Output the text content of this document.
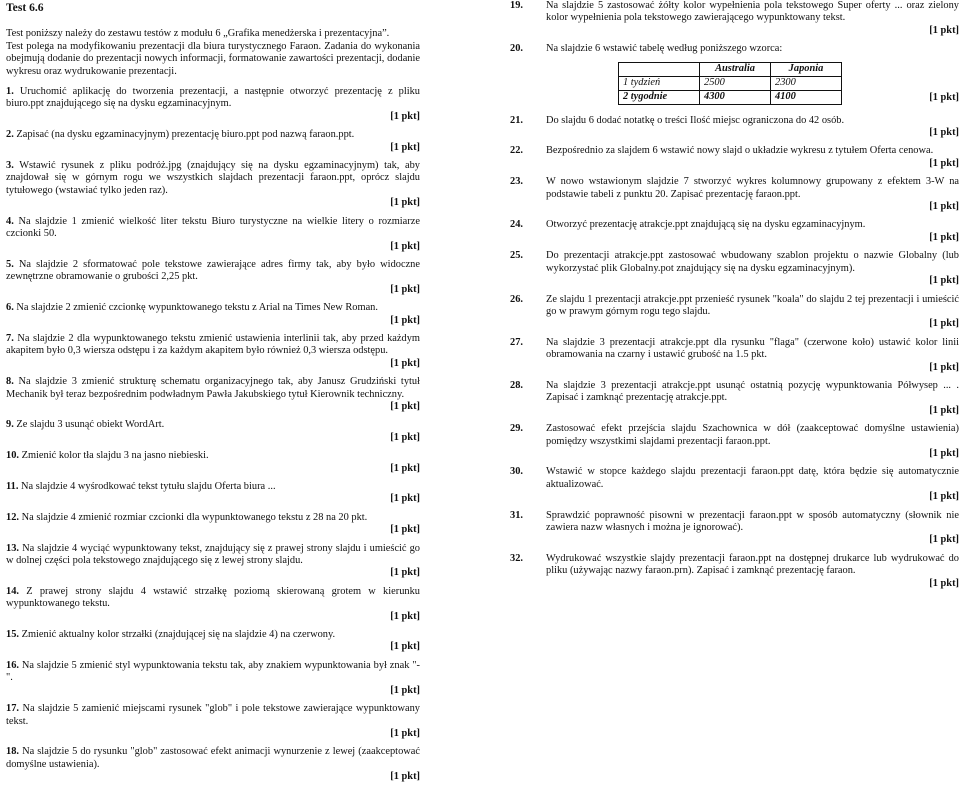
Test 6.6

Test poniższy należy do zestawu testów z modułu 6 „Grafika menedżerska i prezentacyjna”.

Test polega na modyfikowaniu prezentacji dla biura turystycznego Faraon. Zadania do wykonania obejmują dodanie do prezentacji nowych informacji, formatowanie zawartości prezentacji, dodanie wykresu oraz wydrukowanie prezentacji.

1. Uruchomić aplikację do tworzenia prezentacji, a następnie otworzyć prezentację z pliku biuro.ppt znajdującego się na dysku egzaminacyjnym.
[1 pkt]
2. Zapisać (na dysku egzaminacyjnym) prezentację biuro.ppt pod nazwą faraon.ppt.
[1 pkt]
3. Wstawić rysunek z pliku podróż.jpg (znajdujący się na dysku egzaminacyjnym) tak, aby znajdował się w górnym rogu we wszystkich slajdach prezentacji faraon.ppt, oprócz slajdu tytułowego (wstawiać tylko jeden raz).
[1 pkt]
4. Na slajdzie 1 zmienić wielkość liter tekstu Biuro turystyczne na wielkie litery o rozmiarze czcionki 50.
[1 pkt]
5. Na slajdzie 2 sformatować pole tekstowe zawierające adres firmy tak, aby było widoczne zewnętrzne obramowanie o grubości 2,25 pkt.
[1 pkt]
6. Na slajdzie 2 zmienić czcionkę wypunktowanego tekstu z Arial na Times New Roman.
[1 pkt]
7. Na slajdzie 2 dla wypunktowanego tekstu zmienić ustawienia interlinii tak, aby przed każdym akapitem było 0,3 wiersza odstępu i za każdym akapitem było również 0,3 wiersza odstępu.
[1 pkt]
8. Na slajdzie 3 zmienić strukturę schematu organizacyjnego tak, aby Janusz Grudziński tytuł Mechanik był teraz bezpośrednim podwładnym Pawła Jakubskiego tytuł Kierownik techniczny.
[1 pkt]
9. Ze slajdu 3 usunąć obiekt WordArt.
[1 pkt]
10. Zmienić kolor tła slajdu 3 na jasno niebieski.
[1 pkt]
11. Na slajdzie 4 wyśrodkować tekst tytułu slajdu Oferta biura ...
[1 pkt]
12. Na slajdzie 4 zmienić rozmiar czcionki dla wypunktowanego tekstu z 28 na 20 pkt.
[1 pkt]
13. Na slajdzie 4 wyciąć wypunktowany tekst, znajdujący się z prawej strony slajdu i umieścić go w dolnej części pola tekstowego znajdującego się z lewej strony slajdu.
[1 pkt]
14. Z prawej strony slajdu 4 wstawić strzałkę poziomą skierowaną grotem w kierunku wypunktowanego tekstu.
[1 pkt]
15. Zmienić aktualny kolor strzałki (znajdującej się na slajdzie 4) na czerwony.
[1 pkt]
16. Na slajdzie 5 zmienić styl wypunktowania tekstu tak, aby znakiem wypunktowania był znak "-".
[1 pkt]
17. Na slajdzie 5 zamienić miejscami rysunek "glob" i pole tekstowe zawierające wypunktowany tekst.
[1 pkt]
18. Na slajdzie 5 do rysunku "glob" zastosować efekt animacji wynurzenie z lewej (zaakceptować domyślne ustawienia).
[1 pkt]
19. Na slajdzie 5 zastosować żółty kolor wypełnienia pola tekstowego Super oferty ... oraz zielony kolor wypełnienia pola tekstowego zawierającego wypunktowany tekst.
[1 pkt]
20. Na slajdzie 6 wstawić tabelę według poniższego wzorca:
	Australia	Japonia
1 tydzień	2500	2300
2 tygodnie	4300	4100	[1 pkt]
21. Do slajdu 6 dodać notatkę o treści Ilość miejsc ograniczona do 42 osób.
[1 pkt]
22. Bezpośrednio za slajdem 6 wstawić nowy slajd o układzie wykresu z tytułem Oferta cenowa.
[1 pkt]
23. W nowo wstawionym slajdzie 7 stworzyć wykres kolumnowy grupowany z efektem 3-W na podstawie tabeli z punktu 20. Zapisać prezentację faraon.ppt.
[1 pkt]
24. Otworzyć prezentację atrakcje.ppt znajdującą się na dysku egzaminacyjnym.
[1 pkt]
25. Do prezentacji atrakcje.ppt zastosować wbudowany szablon projektu o nazwie Globalny (lub wykorzystać plik Globalny.pot znajdujący się na dysku egzaminacyjnym).
[1 pkt]
26. Ze slajdu 1 prezentacji atrakcje.ppt przenieść rysunek "koala" do slajdu 2 tej prezentacji i umieścić go w prawym górnym rogu tego slajdu.
[1 pkt]
27. Na slajdzie 3 prezentacji atrakcje.ppt dla rysunku "flaga" (czerwone koło) ustawić kolor linii obramowania na czarny i ustawić grubość na 1.5 pkt.
[1 pkt]
28. Na slajdzie 3 prezentacji atrakcje.ppt usunąć ostatnią pozycję wypunktowania Półwysep ... . Zapisać i zamknąć prezentację atrakcje.ppt.
[1 pkt]
29. Zastosować efekt przejścia slajdu Szachownica w dół (zaakceptować domyślne ustawienia) pomiędzy wszystkimi slajdami prezentacji faraon.ppt.
[1 pkt]
30. Wstawić w stopce każdego slajdu prezentacji faraon.ppt datę, która będzie się automatycznie aktualizować.
[1 pkt]
31. Sprawdzić poprawność pisowni w prezentacji faraon.ppt w sposób automatyczny (słownik nie zawiera nazw własnych i można je ignorować).
[1 pkt]
32. Wydrukować wszystkie slajdy prezentacji faraon.ppt na dostępnej drukarce lub wydrukować do pliku (używając nazwy faraon.prn). Zapisać i zamknąć prezentację faraon.
[1 pkt]
